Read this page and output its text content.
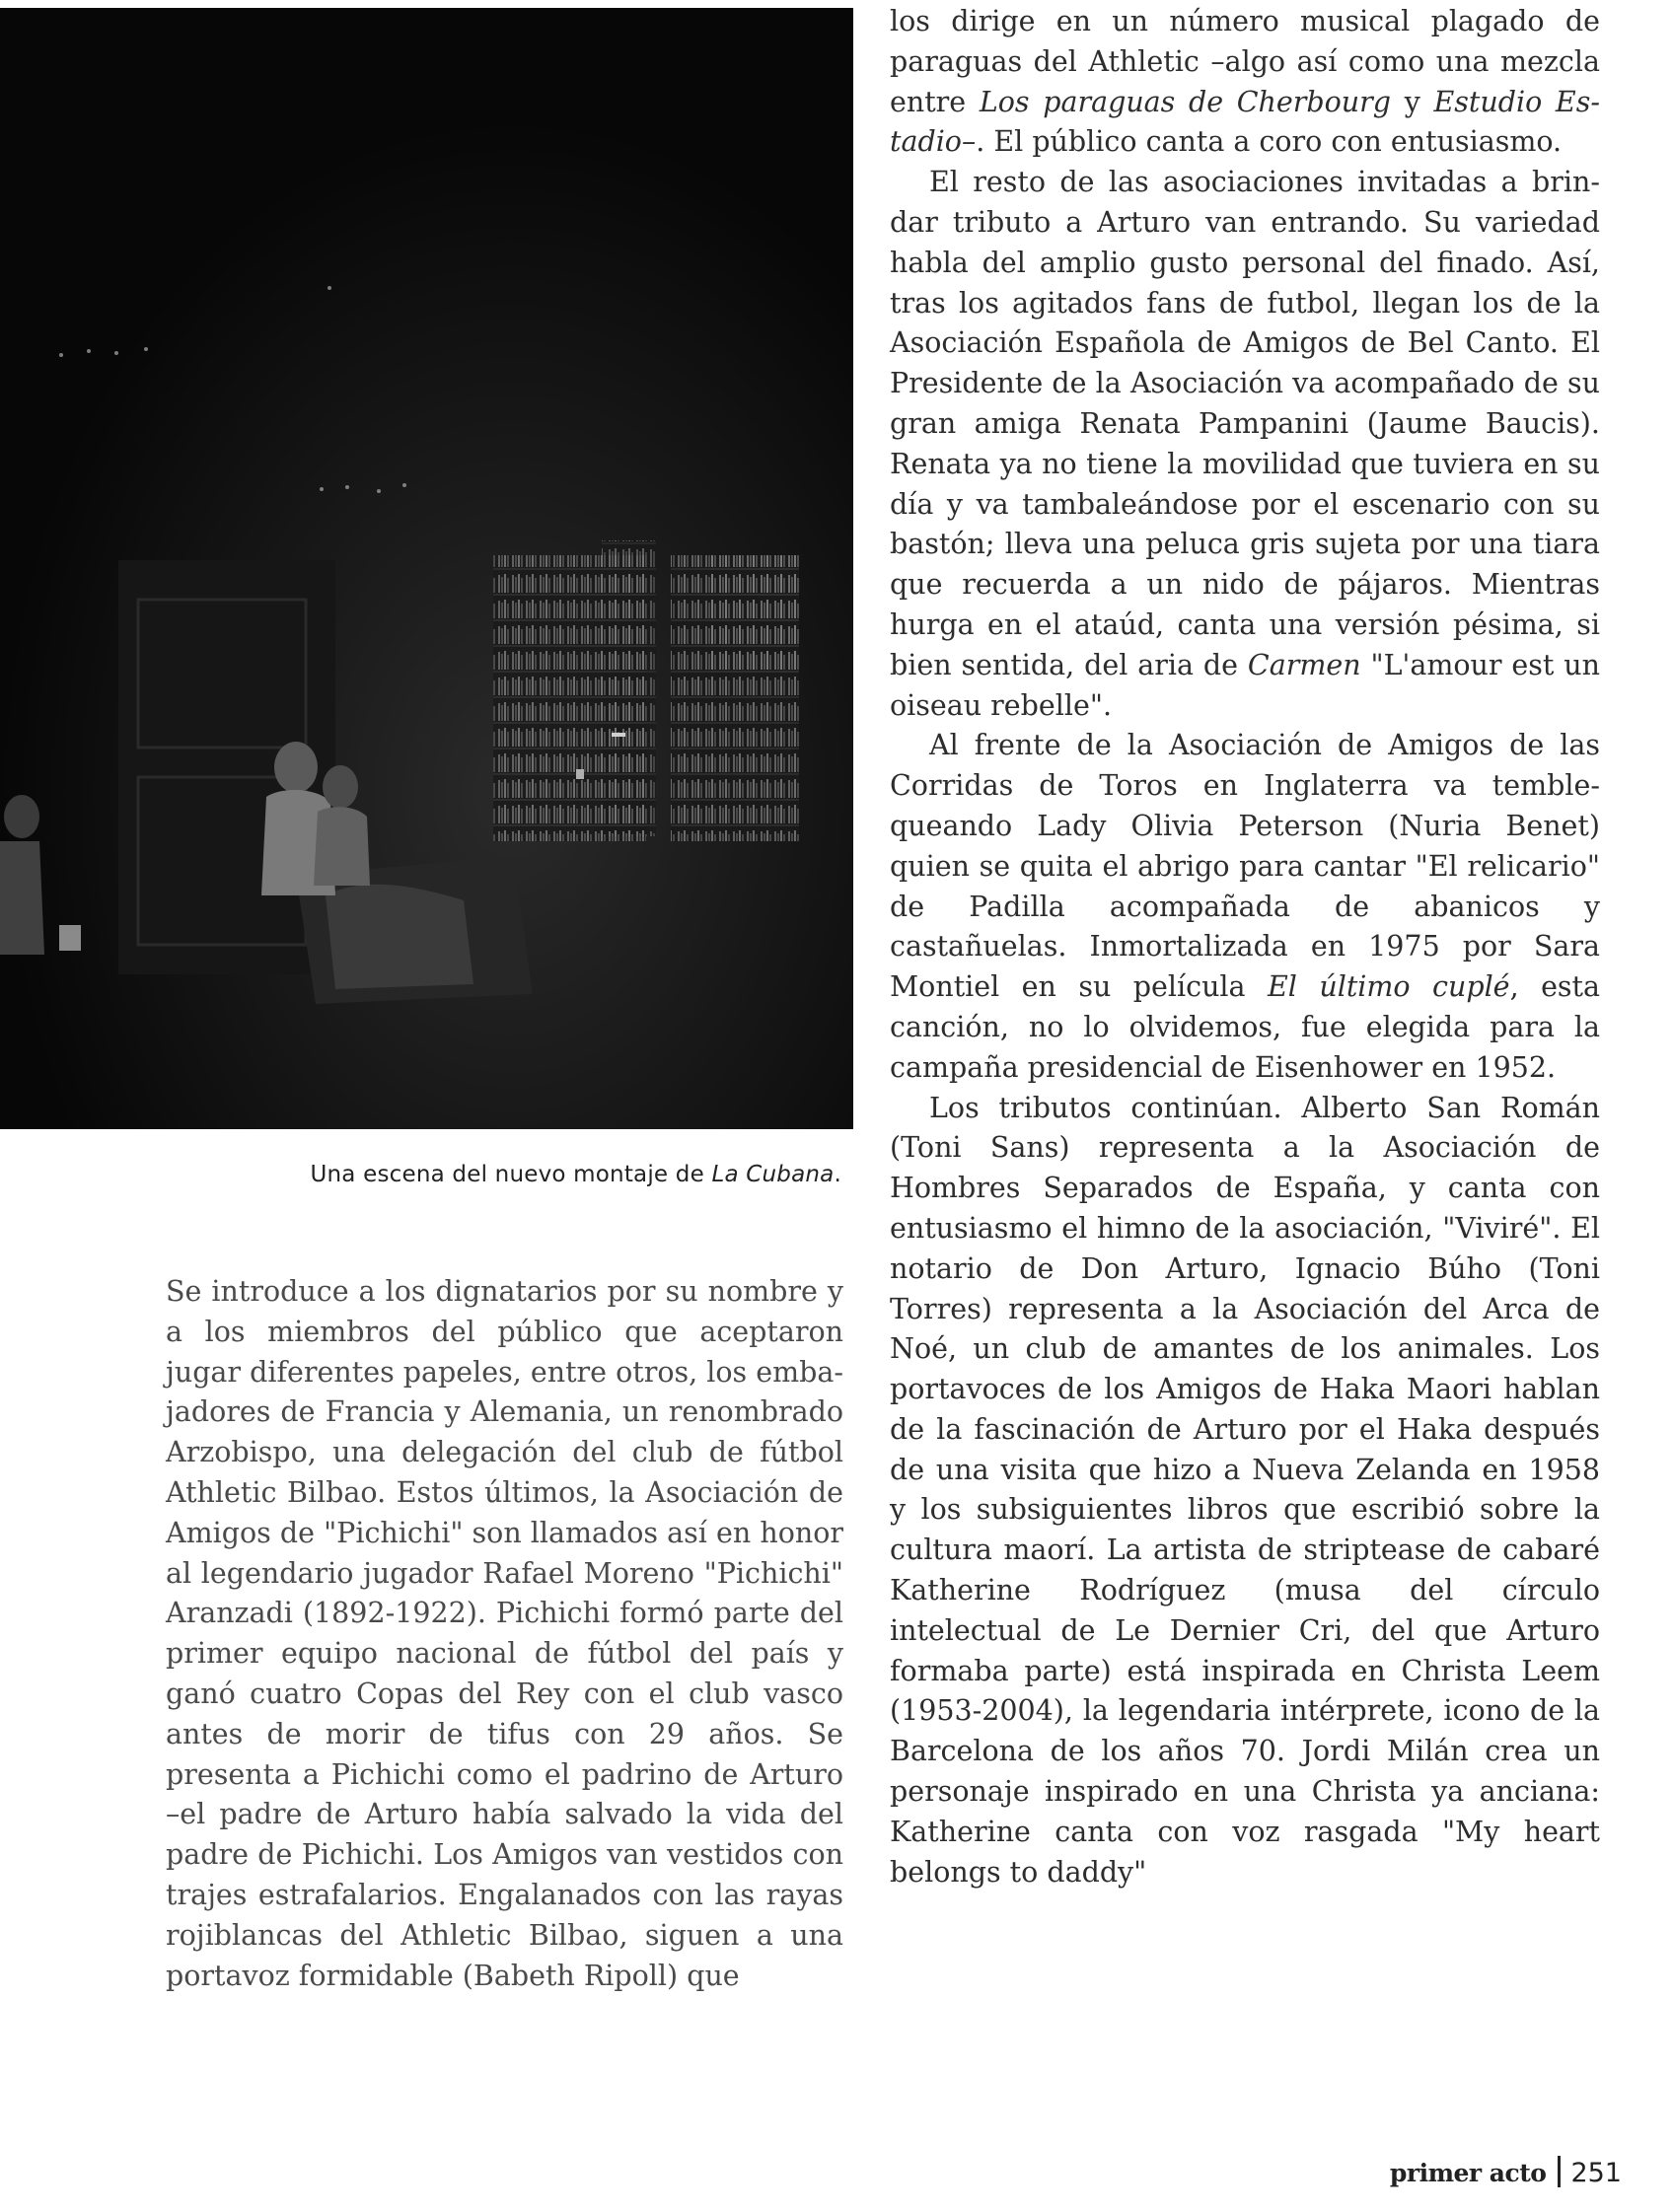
Una escena del nuevo montaje de La Cubana.

Se introduce a los dignatarios por su nombre y a los miembros del público que aceptaron jugar diferentes papeles, entre otros, los embajadores de Francia y Alemania, un renombrado Arzobispo, una delegación del club de fútbol Athletic Bilbao. Estos últimos, la Asociación de Amigos de "Pichichi" son llamados así en honor al legendario jugador Rafael Moreno "Pichichi" Aranzadi (1892-1922). Pichichi formó parte del primer equipo nacional de fútbol del país y ganó cuatro Copas del Rey con el club vasco antes de morir de tifus con 29 años. Se presenta a Pichichi como el padrino de Arturo –el padre de Arturo había salvado la vida del padre de Pichichi. Los Amigos van vestidos con trajes estrafalarios. Engalanados con las rayas rojiblancas del Athletic Bilbao, siguen a una portavoz formidable (Babeth Ripoll) que

los dirige en un número musical plagado de paraguas del Athletic –algo así como una mezcla entre Los paraguas de Cherbourg y Estudio Estadio–. El público canta a coro con entusiasmo.

El resto de las asociaciones invitadas a brindar tributo a Arturo van entrando. Su variedad habla del amplio gusto personal del finado. Así, tras los agitados fans de futbol, llegan los de la Asociación Española de Amigos de Bel Canto. El Presidente de la Asociación va acompañado de su gran amiga Renata Pampanini (Jaume Baucis). Renata ya no tiene la movilidad que tuviera en su día y va tambaleándose por el escenario con su bastón; lleva una peluca gris sujeta por una tiara que recuerda a un nido de pájaros. Mientras hurga en el ataúd, canta una versión pésima, si bien sentida, del aria de Carmen "L'amour est un oiseau rebelle".

Al frente de la Asociación de Amigos de las Corridas de Toros en Inglaterra va temblequeando Lady Olivia Peterson (Nuria Benet) quien se quita el abrigo para cantar "El relicario" de Padilla acompañada de abanicos y castañuelas. Inmortalizada en 1975 por Sara Montiel en su película El último cuplé, esta canción, no lo olvidemos, fue elegida para la campaña presidencial de Eisenhower en 1952.

Los tributos continúan. Alberto San Román (Toni Sans) representa a la Asociación de Hombres Separados de España, y canta con entusiasmo el himno de la asociación, "Viviré". El notario de Don Arturo, Ignacio Búho (Toni Torres) representa a la Asociación del Arca de Noé, un club de amantes de los animales. Los portavoces de los Amigos de Haka Maori hablan de la fascinación de Arturo por el Haka después de una visita que hizo a Nueva Zelanda en 1958 y los subsiguientes libros que escribió sobre la cultura maorí. La artista de striptease de cabaré Katherine Rodríguez (musa del círculo intelectual de Le Dernier Cri, del que Arturo formaba parte) está inspirada en Christa Leem (1953-2004), la legendaria intérprete, icono de la Barcelona de los años 70. Jordi Milán crea un personaje inspirado en una Christa ya anciana: Katherine canta con voz rasgada "My heart belongs to daddy"

primer acto 251
